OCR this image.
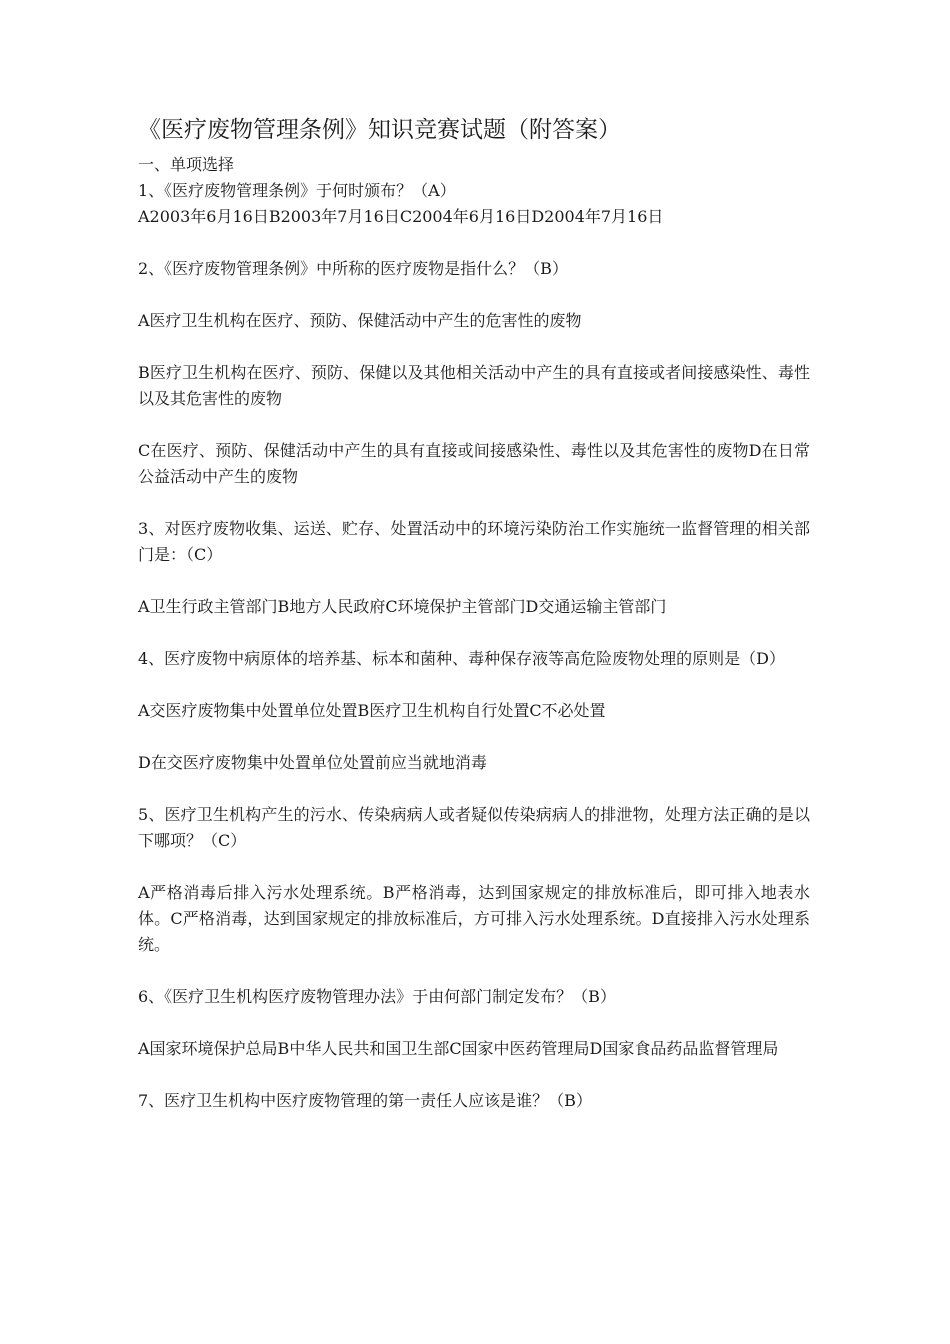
《医疗废物管理条例》知识竞赛试题（附答案）

一、单项选择

1、《医疗废物管理条例》于何时颁布？（A）

A2003年6月16日B2003年7月16日C2004年6月16日D2004年7月16日

2、《医疗废物管理条例》中所称的医疗废物是指什么？（B）

A医疗卫生机构在医疗、预防、保健活动中产生的危害性的废物

B医疗卫生机构在医疗、预防、保健以及其他相关活动中产生的具有直接或者间接感染性、毒性以及其危害性的废物

C在医疗、预防、保健活动中产生的具有直接或间接感染性、毒性以及其危害性的废物D在日常公益活动中产生的废物

3、对医疗废物收集、运送、贮存、处置活动中的环境污染防治工作实施统一监督管理的相关部门是：（C）

A卫生行政主管部门B地方人民政府C环境保护主管部门D交通运输主管部门

4、医疗废物中病原体的培养基、标本和菌种、毒种保存液等高危险废物处理的原则是（D）

A交医疗废物集中处置单位处置B医疗卫生机构自行处置C不必处置

D在交医疗废物集中处置单位处置前应当就地消毒

5、医疗卫生机构产生的污水、传染病病人或者疑似传染病病人的排泄物，处理方法正确的是以下哪项？（C）

A严格消毒后排入污水处理系统。B严格消毒，达到国家规定的排放标准后，即可排入地表水体。C严格消毒，达到国家规定的排放标准后，方可排入污水处理系统。D直接排入污水处理系统。

6、《医疗卫生机构医疗废物管理办法》于由何部门制定发布？（B）

A国家环境保护总局B中华人民共和国卫生部C国家中医药管理局D国家食品药品监督管理局

7、医疗卫生机构中医疗废物管理的第一责任人应该是谁？（B）
